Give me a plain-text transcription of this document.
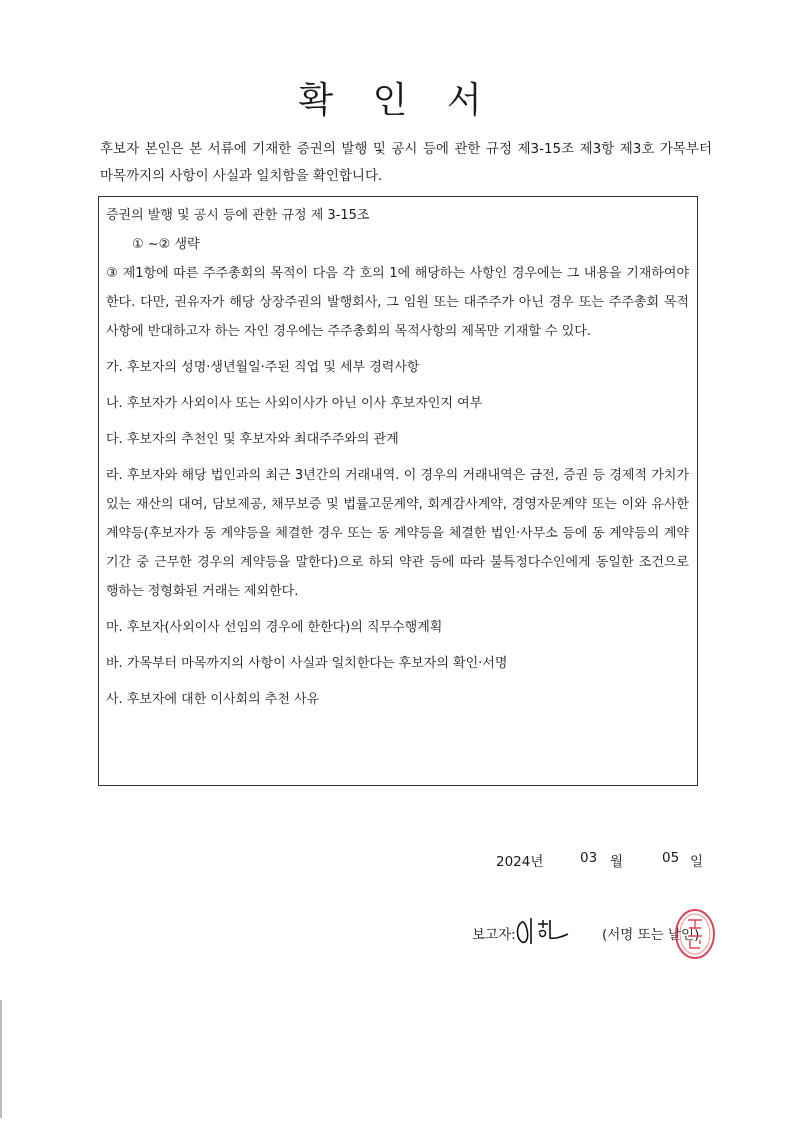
확 인 서

후보자 본인은 본 서류에 기재한 증권의 발행 및 공시 등에 관한 규정 제3-15조 제3항 제3호 가목부터 마목까지의 사항이 사실과 일치함을 확인합니다.

증권의 발행 및 공시 등에 관한 규정 제 3-15조

① ~② 생략

③ 제1항에 따른 주주총회의 목적이 다음 각 호의 1에 해당하는 사항인 경우에는 그 내용을 기재하여야 한다. 다만, 권유자가 해당 상장주권의 발행회사, 그 임원 또는 대주주가 아닌 경우 또는 주주총회 목적사항에 반대하고자 하는 자인 경우에는 주주총회의 목적사항의 제목만 기재할 수 있다.

가. 후보자의 성명·생년월일·주된 직업 및 세부 경력사항

나. 후보자가 사외이사 또는 사외이사가 아닌 이사 후보자인지 여부

다. 후보자의 추천인 및 후보자와 최대주주와의 관계

라. 후보자와 해당 법인과의 최근 3년간의 거래내역. 이 경우의 거래내역은 금전, 증권 등 경제적 가치가 있는 재산의 대여, 담보제공, 채무보증 및 법률고문계약, 회계감사계약, 경영자문계약 또는 이와 유사한 계약등(후보자가 동 계약등을 체결한 경우 또는 동 계약등을 체결한 법인·사무소 등에 동 계약등의 계약기간 중 근무한 경우의 계약등을 말한다)으로 하되 약관 등에 따라 불특정다수인에게 동일한 조건으로 행하는 정형화된 거래는 제외한다.

마. 후보자(사외이사 선임의 경우에 한한다)의 직무수행계획

바. 가목부터 마목까지의 사항이 사실과 일치한다는 후보자의 확인·서명

사. 후보자에 대한 이사회의 추천 사유

2024년	03 월	05 일
보고자:	(서명 또는 날인)
